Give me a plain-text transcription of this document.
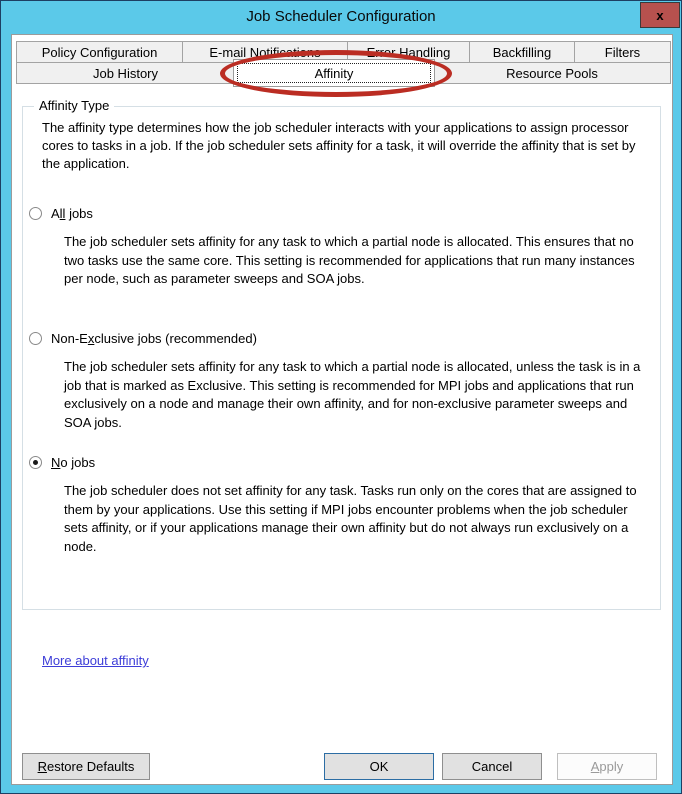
Job Scheduler Configuration	x
Policy Configuration	E-mail Notifications	Error Handling	Backfilling	Filters
Job History	Affinity	Resource Pools
Affinity Type
The affinity type determines how the job scheduler interacts with your applications to assign processor cores to tasks in a job. If the job scheduler sets affinity for a task, it will override the affinity that is set by the application.
All jobs
The job scheduler sets affinity for any task to which a partial node is allocated. This ensures that no two tasks use the same core. This setting is recommended for applications that run many instances per node, such as parameter sweeps and SOA jobs.
Non-Exclusive jobs (recommended)
The job scheduler sets affinity for any task to which a partial node is allocated, unless the task is in a job that is marked as Exclusive. This setting is recommended for MPI jobs and applications that run exclusively on a node and manage their own affinity, and for non-exclusive parameter sweeps and SOA jobs.
No jobs
The job scheduler does not set affinity for any task. Tasks run only on the cores that are assigned to them by your applications. Use this setting if MPI jobs encounter problems when the job scheduler sets affinity, or if your applications manage their own affinity but do not always run exclusively on a node.
More about affinity
Restore Defaults	OK	Cancel	Apply
